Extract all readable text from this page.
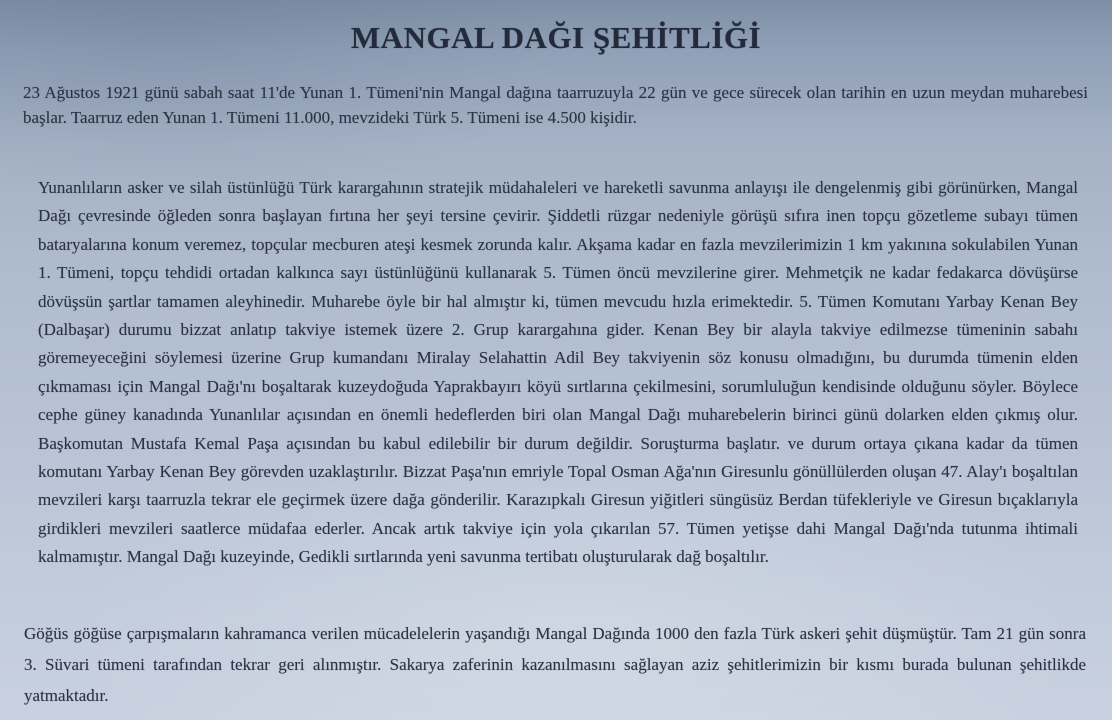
MANGAL DAĞI ŞEHİTLİĞİ

23 Ağustos 1921 günü sabah saat 11'de Yunan 1. Tümeni'nin Mangal dağına taarruzuyla 22 gün ve gece sürecek olan tarihin en uzun meydan muharebesi başlar. Taarruz eden Yunan 1. Tümeni 11.000, mevzideki Türk 5. Tümeni ise 4.500 kişidir.

Yunanlıların asker ve silah üstünlüğü Türk karargahının stratejik müdahaleleri ve hareketli savunma anlayışı ile dengelenmiş gibi görünürken, Mangal Dağı çevresinde öğleden sonra başlayan fırtına her şeyi tersine çevirir. Şiddetli rüzgar nedeniyle görüşü sıfıra inen topçu gözetleme subayı tümen bataryalarına konum veremez, topçular mecburen ateşi kesmek zorunda kalır. Akşama kadar en fazla mevzilerimizin 1 km yakınına sokulabilen Yunan 1. Tümeni, topçu tehdidi ortadan kalkınca sayı üstünlüğünü kullanarak 5. Tümen öncü mevzilerine girer. Mehmetçik ne kadar fedakarca dövüşürse dövüşsün şartlar tamamen aleyhinedir. Muharebe öyle bir hal almıştır ki, tümen mevcudu hızla erimektedir. 5. Tümen Komutanı Yarbay Kenan Bey (Dalbaşar) durumu bizzat anlatıp takviye istemek üzere 2. Grup karargahına gider. Kenan Bey bir alayla takviye edilmezse tümeninin sabahı göremeyeceğini söylemesi üzerine Grup kumandanı Miralay Selahattin Adil Bey takviyenin söz konusu olmadığını, bu durumda tümenin elden çıkmaması için Mangal Dağı'nı boşaltarak kuzeydoğuda Yaprakbayırı köyü sırtlarına çekilmesini, sorumluluğun kendisinde olduğunu söyler. Böylece cephe güney kanadında Yunanlılar açısından en önemli hedeflerden biri olan Mangal Dağı muharebelerin birinci günü dolarken elden çıkmış olur. Başkomutan Mustafa Kemal Paşa açısından bu kabul edilebilir bir durum değildir. Soruşturma başlatır. ve durum ortaya çıkana kadar da tümen komutanı Yarbay Kenan Bey görevden uzaklaştırılır. Bizzat Paşa'nın emriyle Topal Osman Ağa'nın Giresunlu gönüllülerden oluşan 47. Alay'ı boşaltılan mevzileri karşı taarruzla tekrar ele geçirmek üzere dağa gönderilir. Karazıpkalı Giresun yiğitleri süngüsüz Berdan tüfekleriyle ve Giresun bıçaklarıyla girdikleri mevzileri saatlerce müdafaa ederler. Ancak artık takviye için yola çıkarılan 57. Tümen yetişse dahi Mangal Dağı'nda tutunma ihtimali kalmamıştır. Mangal Dağı kuzeyinde, Gedikli sırtlarında yeni savunma tertibatı oluşturularak dağ boşaltılır.

Göğüs göğüse çarpışmaların kahramanca verilen mücadelelerin yaşandığı Mangal Dağında 1000 den fazla Türk askeri şehit düşmüştür. Tam 21 gün sonra 3. Süvari tümeni tarafından tekrar geri alınmıştır. Sakarya zaferinin kazanılmasını sağlayan aziz şehitlerimizin bir kısmı burada bulunan şehitlikde yatmaktadır.
